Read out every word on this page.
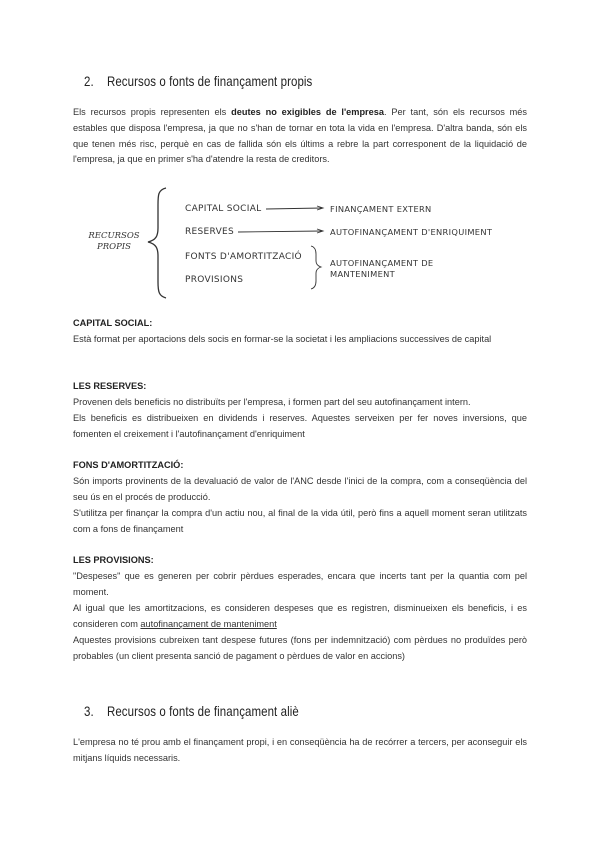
2. Recursos o fonts de finançament propis

Els recursos propis representen els deutes no exigibles de l'empresa. Per tant, són els recursos més estables que disposa l'empresa, ja que no s'han de tornar en tota la vida en l'empresa. D'altra banda, són els que tenen més risc, perquè en cas de fallida són els últims a rebre la part corresponent de la liquidació de l'empresa, ja que en primer s'ha d'atendre la resta de creditors.

RECURSOS
PROPIS
CAPITAL SOCIAL
RESERVES
FONTS D'AMORTITZACIÓ
PROVISIONS
FINANÇAMENT EXTERN
AUTOFINANÇAMENT D'ENRIQUIMENT
AUTOFINANÇAMENT DE
MANTENIMENT

CAPITAL SOCIAL:

Està format per aportacions dels socis en formar-se la societat i les ampliacions successives de capital

LES RESERVES:

Provenen dels beneficis no distribuïts per l'empresa, i formen part del seu autofinançament intern.

Els beneficis es distribueixen en dividends i reserves. Aquestes serveixen per fer noves inversions, que fomenten el creixement i l'autofinançament d'enriquiment

FONS D'AMORTITZACIÓ:

Són imports provinents de la devaluació de valor de l'ANC desde l'inici de la compra, com a conseqüència del seu ús en el procés de producció.

S'utilitza per finançar la compra d'un actiu nou, al final de la vida útil, però fins a aquell moment seran utilitzats com a fons de finançament

LES PROVISIONS:

"Despeses" que es generen per cobrir pèrdues esperades, encara que incerts tant per la quantia com pel moment.

Al igual que les amortitzacions, es consideren despeses que es registren, disminueixen els beneficis, i es consideren com autofinançament de manteniment

Aquestes provisions cubreixen tant despese futures (fons per indemnització) com pèrdues no produïdes però probables (un client presenta sanció de pagament o pèrdues de valor en accions)

3. Recursos o fonts de finançament aliè

L'empresa no té prou amb el finançament propi, i en conseqüència ha de recórrer a tercers, per aconseguir els mitjans líquids necessaris.
